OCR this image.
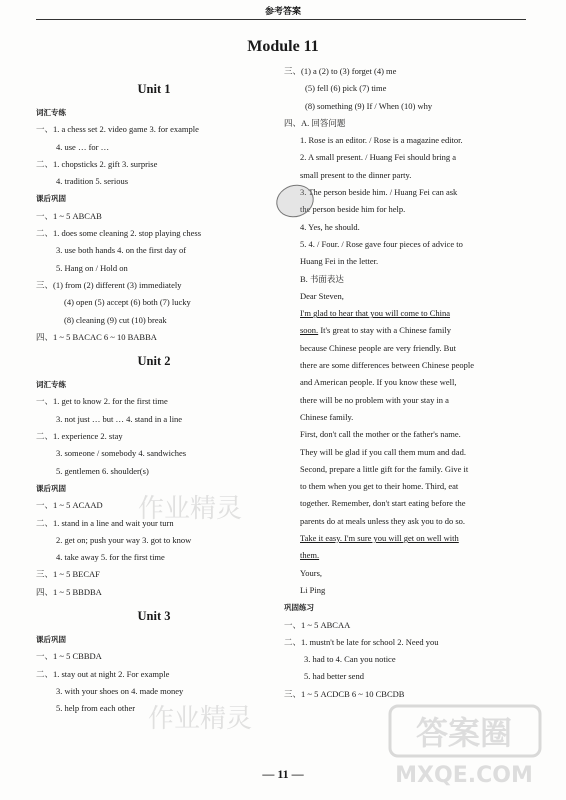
参考答案
Module 11
Unit 1
词汇专练
一、1. a chess set 2. video game 3. for example
4. use … for …
二、1. chopsticks 2. gift 3. surprise
4. tradition 5. serious
课后巩固
一、1 ~ 5 ABCAB
二、1. does some cleaning 2. stop playing chess
3. use both hands 4. on the first day of
5. Hang on / Hold on
三、(1) from (2) different (3) immediately
(4) open (5) accept (6) both (7) lucky
(8) cleaning (9) cut (10) break
四、1 ~ 5 BACAC 6 ~ 10 BABBA
Unit 2
词汇专练
一、1. get to know 2. for the first time
3. not just … but … 4. stand in a line
二、1. experience 2. stay
3. someone / somebody 4. sandwiches
5. gentlemen 6. shoulder(s)
课后巩固
一、1 ~ 5 ACAAD
二、1. stand in a line and wait your turn
2. get on; push your way 3. got to know
4. take away 5. for the first time
三、1 ~ 5 BECAF
四、1 ~ 5 BBDBA
Unit 3
课后巩固
一、1 ~ 5 CBBDA
二、1. stay out at night 2. For example
3. with your shoes on 4. made money
5. help from each other
三、(1) a (2) to (3) forget (4) me
(5) fell (6) pick (7) time
(8) something (9) If / When (10) why
四、A. 回答问题
1. Rose is an editor. / Rose is a magazine editor.
2. A small present. / Huang Fei should bring a
small present to the dinner party.
3. The person beside him. / Huang Fei can ask
the person beside him for help.
4. Yes, he should.
5. 4. / Four. / Rose gave four pieces of advice to
Huang Fei in the letter.
B. 书面表达
Dear Steven,

I'm glad to hear that you will come to China

soon. It's great to stay with a Chinese family

because Chinese people are very friendly. But

there are some differences between Chinese people

and American people. If you know these well,

there will be no problem with your stay in a

Chinese family.

First, don't call the mother or the father's name.

They will be glad if you call them mum and dad.

Second, prepare a little gift for the family. Give it

to them when you get to their home. Third, eat

together. Remember, don't start eating before the

parents do at meals unless they ask you to do so.

Take it easy. I'm sure you will get on well with

them.

Yours,

Li Ping

巩固练习
一、1 ~ 5 ABCAA
二、1. mustn't be late for school 2. Need you
3. had to 4. Can you notice
5. had better send
三、1 ~ 5 ACDCB 6 ~ 10 CBCDB
作业精灵
作业精灵	答案圈
MXQE.COM
— 11 —
